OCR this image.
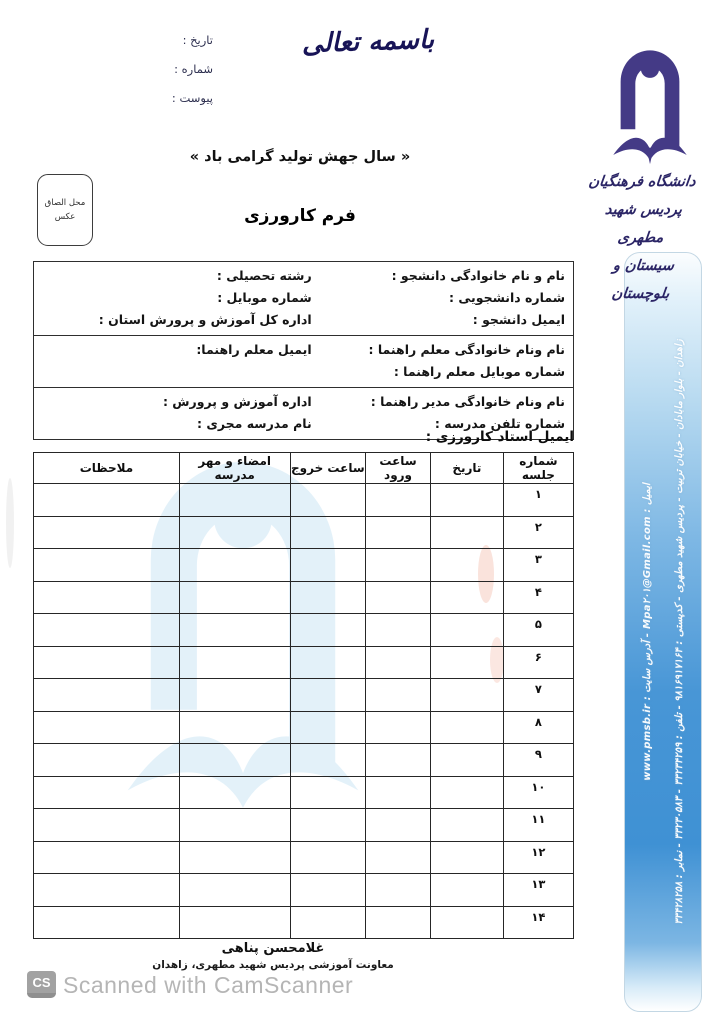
تاریخ :
شماره :
پیوست :
باسمه تعالی
« سال جهش تولید گرامی باد »
محل الصاق
عکس	فرم کارورزی
نام و نام خانوادگی دانشجو :
رشته تحصیلی :
شماره دانشجویی :
شماره موبایل :
ایمیل دانشجو :
اداره کل آموزش و پرورش استان :
نام ونام خانوادگی معلم راهنما :
ایمیل معلم راهنما:
شماره موبایل معلم راهنما :
نام ونام خانوادگی مدیر راهنما :
اداره آموزش و پرورش :
شماره تلفن مدرسه :
نام مدرسه مجری :
ایمیل استاد کارورزی :
شماره جلسه	تاریخ	ساعت ورود	ساعت خروج	امضاء و مهر مدرسه	ملاحظات
۱					
۲					
۳					
۴					
۵					
۶					
۷					
۸					
۹					
۱۰					
۱۱					
۱۲					
۱۳					
۱۴					
غلامحسن پناهی
معاونت آموزشی پردیس شهید مطهری، زاهدان
CS Scanned with CamScanner
دانشگاه فرهنگیان
پردیس شهید مطهری
سیستان و بلوچستان
ایمیل : Mpa۲۰۱@Gmail.com - آدرس سایت : www.pmsb.ir
زاهدان - بلوار مابادان - خیابان تربیت - پردیس شهید مطهری - کدپستی : ۹۸۱۶۹۱۷۱۶۴ - تلفن : ۳۳۲۳۴۲۵۹ - ۳۳۲۳۰۵۸۳ - نمابر : ۳۳۴۲۸۲۵۸
